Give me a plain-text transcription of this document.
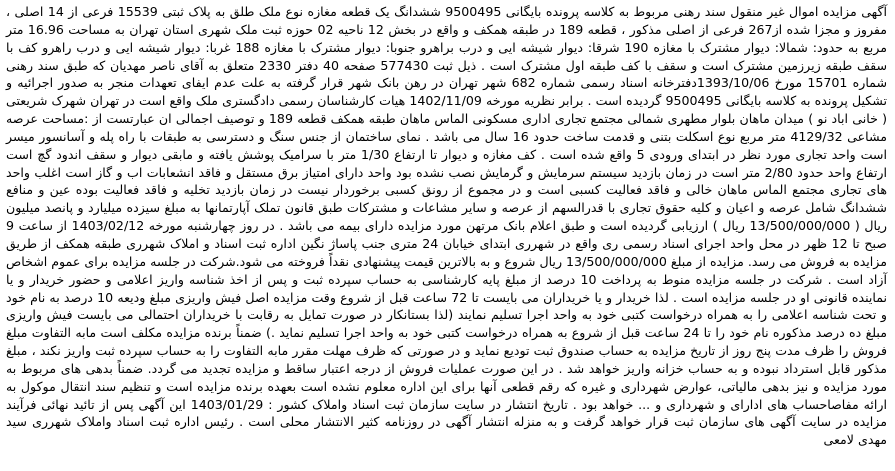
آگهی مزایده اموال غیر منقول سند رهنی مربوط به کلاسه پرونده بایگانی 9500495 ششدانگ یک قطعه مغازه نوع ملک طلق به پلاک ثبتی 15539 فرعی از 14 اصلی ، مفروز و مجزا شده از267 فرعی از اصلی مذکور ، قطعه 189 در طبقه همکف و واقع در بخش 12 ناحیه 02 حوزه ثبت ملک شهری استان تهران به مساحت 16.96 متر مربع به حدود: شمالا: دیوار مشترک با مغازه 190 شرقا: دیوار شیشه ایی و درب براهرو جنوبا: دیوار مشترک با مغازه 188 غربا: دیوار شیشه ایی و درب راهرو کف با سقف طبقه زیرزمین مشترک است و سقف با کف طبقه اول مشترک است . ذیل ثبت 577430 صفحه 40 دفتر 2330 متعلق به آقای ناصر مهدیان که طبق سند رهنی شماره 15701 مورخ 1393/10/06دفترخانه اسناد رسمی شماره 682 شهر تهران در رهن بانک شهر قرار گرفته به علت عدم ایفای تعهدات منجر به صدور اجرائیه و تشکیل پرونده به کلاسه بایگانی 9500495 گردیده است . برابر نظریه مورخه 1402/11/09 هیات کارشناسان رسمی دادگستری ملک واقع است در تهران شهرک شریعتی ( خانی اباد نو ) میدان ماهان بلوار مطهری شمالی مجتمع تجاری اداری مسکونی الماس ماهان طبقه همکف قطعه 189 و توصیف اجمالی ان عبارتست از :مساحت عرصه مشاعی 4129/32 متر مربع نوع اسکلت بتنی و قدمت ساخت حدود 16 سال می باشد . نمای ساختمان از جنس سنگ و دسترسی به طبقات با راه پله و آسانسور میسر است واحد تجاری مورد نظر در ابتدای ورودی 5 واقع شده است . کف مغازه و دیوار تا ارتفاع 1/30 متر با سرامیک پوشش یافته و مابقی دیوار و سقف اندود گچ است ارتفاع واحد حدود 2/80 متر است در زمان بازدید سیستم سرمایش و گرمایش نصب نشده بود واحد دارای امتیاز برق مستقل و فاقد انشعابات اب و گاز است اغلب واحد های تجاری مجتمع الماس ماهان خالی و فاقد فعالیت کسبی است و در مجموع از رونق کسبی برخوردار نیست در زمان بازدید تخلیه و فاقد فعالیت بوده عین و منافع ششدانگ شامل عرصه و اعیان و کلیه حقوق تجاری با قدرالسهم از عرصه و سایر مشاعات و مشترکات طبق قانون تملک آپارتمانها به مبلغ سیزده میلیارد و پانصد میلیون ریال ( 13/500/000/000 ریال ) ارزیابی گردیده است و طبق اعلام بانک مرتهن مورد مزایده دارای بیمه می باشد . در روز چهارشنبه مورخه 1403/02/12 از ساعت 9 صبح تا 12 ظهر در محل واحد اجرای اسناد رسمی ری واقع در شهرری ابتدای خیابان 24 متری جنب پاساژ نگین اداره ثبت اسناد و املاک شهرری طبقه همکف از طریق مزایده به فروش می رسد. مزایده از مبلغ 13/500/000/000 ریال شروع و به بالاترین قیمت پیشنهادی نقداً فروخته می شود.شرکت در جلسه مزایده برای عموم اشخاص آزاد است . شرکت در جلسه مزایده منوط به پرداخت 10 درصد از مبلغ پایه کارشناسی به حساب سپرده ثبت و پس از اخذ شناسه واریز اعلامی و حضور خریدار و یا نماینده قانونی او در جلسه مزایده است . لذا خریدار و یا خریداران می بایست تا 72 ساعت قبل از شروع وقت مزایده اصل فیش واریزی مبلغ ودیعه 10 درصد به نام خود و تحت شناسه اعلامی را به همراه درخواست کتبی خود به واحد اجرا تسلیم نمایند (لذا بستانکار در صورت تمایل به رقابت با خریداران احتمالی می بایست فیش واریزی مبلغ ده درصد مذکوره نام خود را تا 24 ساعت قبل از شروع به همراه درخواست کتبی خود به واحد اجرا تسلیم نماید .) ضمناً برنده مزایده مکلف است مابه التفاوت مبلغ فروش را ظرف مدت پنج روز از تاریخ مزایده به حساب صندوق ثبت تودیع نماید و در صورتی که ظرف مهلت مقرر مابه التفاوت را به حساب سپرده ثبت واریز نکند ، مبلغ مذکور قابل استرداد نبوده و به حساب خزانه واریز خواهد شد . در این صورت عملیات فروش از درجه اعتبار ساقط و مزایده تجدید می گردد. ضمناً بدهی های مربوط به مورد مزایده و نیز بدهی مالیاتی، عوارض شهرداری و غیره که رقم قطعی آنها برای این اداره معلوم نشده است بعهده برنده مزایده است و تنظیم سند انتقال موکول به ارائه مفاصاحساب های ادارای و شهرداری و ... خواهد بود . تاریخ انتشار در سایت سازمان ثبت اسناد واملاک کشور : 1403/01/29 این آگهی پس از تائید نهائی فرآیند مزایده در سایت آگهی های سازمان ثبت قرار خواهد گرفت و به منزله انتشار آگهی در روزنامه کثیر الانتشار محلی است . رئیس اداره ثبت اسناد واملاک شهرری سید مهدی لامعی
